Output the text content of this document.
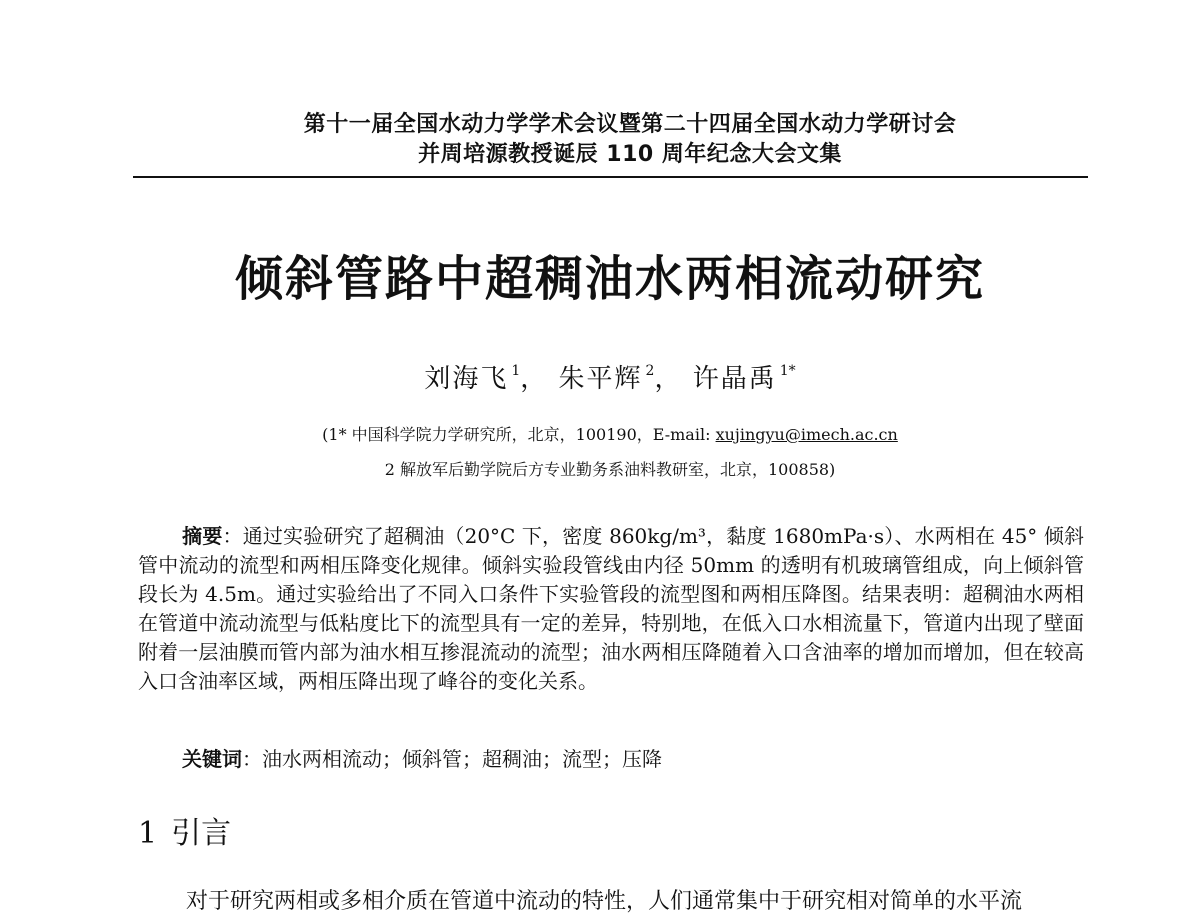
第十一届全国水动力学学术会议暨第二十四届全国水动力学研讨会
并周培源教授诞辰 110 周年纪念大会文集
倾斜管路中超稠油水两相流动研究
刘海飞 $^1$， 朱平辉 $^2$， 许晶禹 $^{1*}$
(1* 中国科学院力学研究所，北京，100190，E-mail: xujingyu@imech.ac.cn
2 解放军后勤学院后方专业勤务系油料教研室，北京，100858)
摘要：通过实验研究了超稠油（20°C 下，密度 860kg/m³，黏度 1680mPa·s）、水两相在 45° 倾斜管中流动的流型和两相压降变化规律。倾斜实验段管线由内径 50mm 的透明有机玻璃管组成，向上倾斜管段长为 4.5m。通过实验给出了不同入口条件下实验管段的流型图和两相压降图。结果表明：超稠油水两相在管道中流动流型与低粘度比下的流型具有一定的差异，特别地，在低入口水相流量下，管道内出现了壁面附着一层油膜而管内部为油水相互掺混流动的流型；油水两相压降随着入口含油率的增加而增加，但在较高入口含油率区域，两相压降出现了峰谷的变化关系。
关键词：油水两相流动；倾斜管；超稠油；流型；压降
1 引言
对于研究两相或多相介质在管道中流动的特性，人们通常集中于研究相对简单的水平流
